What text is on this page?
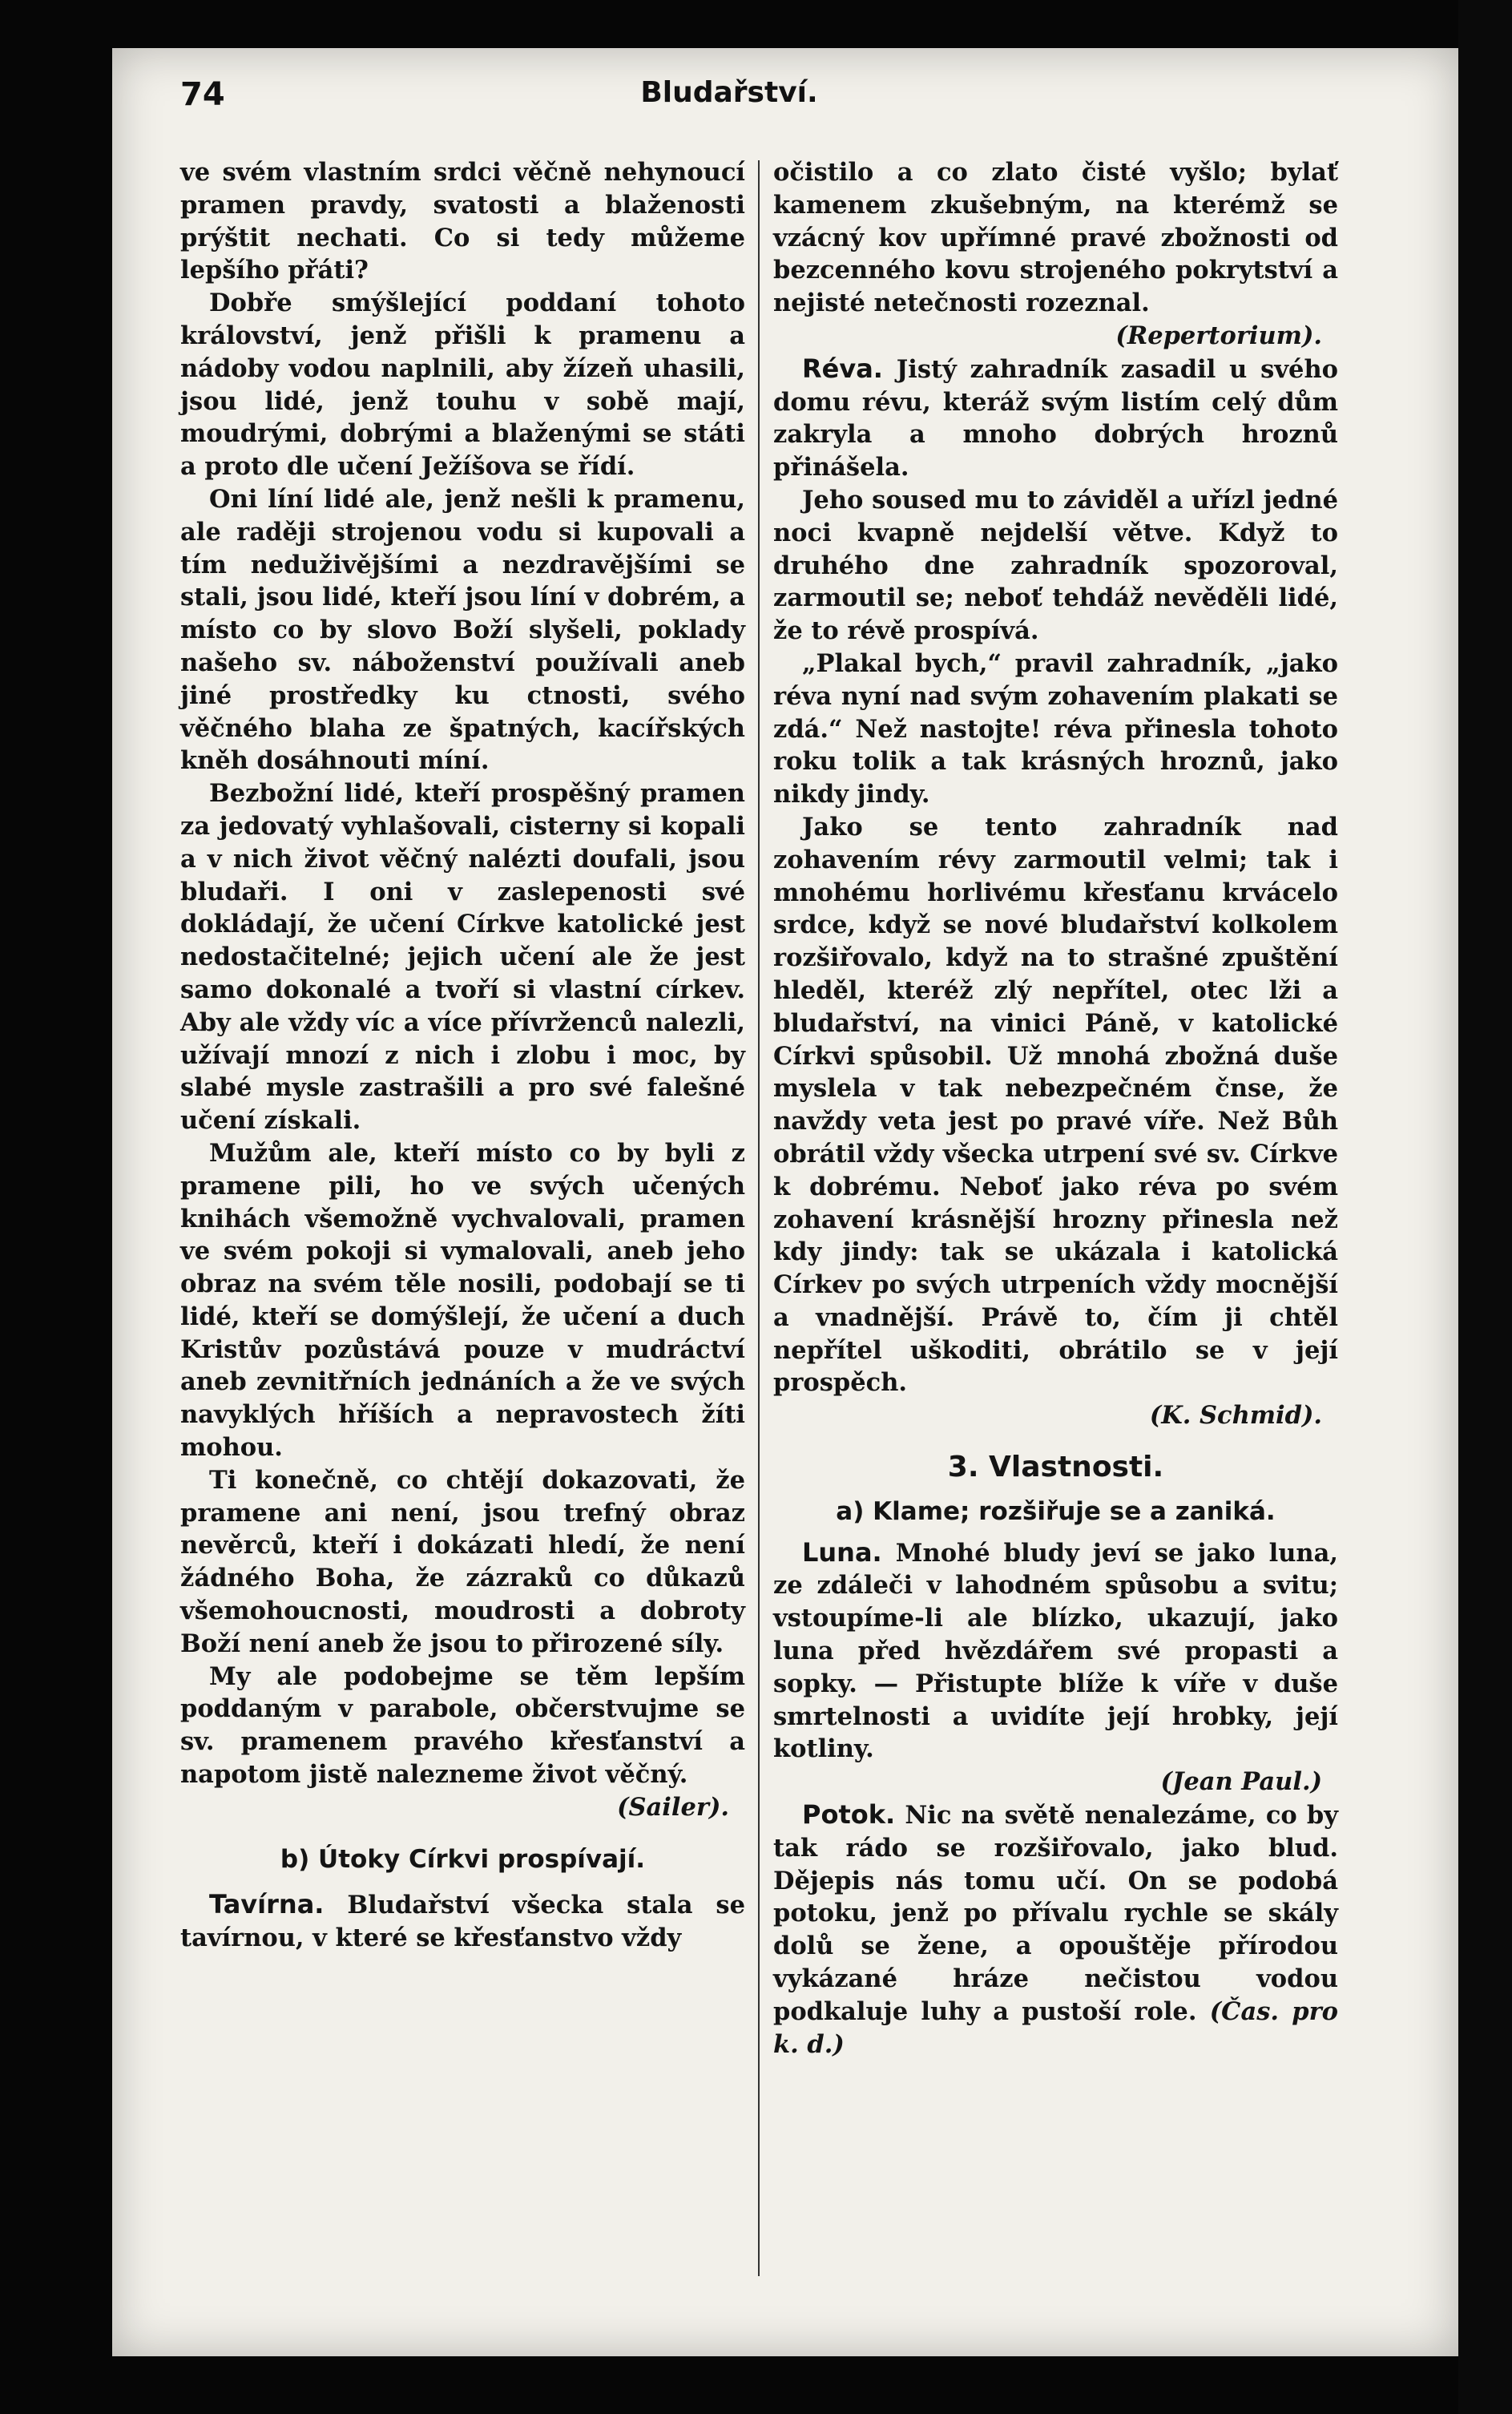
74	Bludařství.

ve svém vlastním srdci věčně nehynoucí pramen pravdy, svatosti a blaženosti prýštit nechati. Co si tedy můžeme lepšího přáti?

Dobře smýšlející poddaní tohoto království, jenž přišli k pramenu a nádoby vodou naplnili, aby žízeň uhasili, jsou lidé, jenž touhu v sobě mají, moudrými, dobrými a blaženými se státi a proto dle učení Ježíšova se řídí.

Oni líní lidé ale, jenž nešli k pramenu, ale raději strojenou vodu si kupovali a tím neduživějšími a nezdravějšími se stali, jsou lidé, kteří jsou líní v dobrém, a místo co by slovo Boží slyšeli, poklady našeho sv. náboženství používali aneb jiné prostředky ku ctnosti, svého věčného blaha ze špatných, kacířských kněh dosáhnouti míní.

Bezbožní lidé, kteří prospěšný pramen za jedovatý vyhlašovali, cisterny si kopali a v nich život věčný nalézti doufali, jsou bludaři. I oni v zaslepenosti své dokládají, že učení Církve katolické jest nedostačitelné; jejich učení ale že jest samo dokonalé a tvoří si vlastní církev. Aby ale vždy víc a více přívrženců nalezli, užívají mnozí z nich i zlobu i moc, by slabé mysle zastrašili a pro své falešné učení získali.

Mužům ale, kteří místo co by byli z pramene pili, ho ve svých učených knihách všemožně vychvalovali, pramen ve svém pokoji si vymalovali, aneb jeho obraz na svém těle nosili, podobají se ti lidé, kteří se domýšlejí, že učení a duch Kristův pozůstává pouze v mudráctví aneb zevnitřních jednáních a že ve svých navyklých hříších a nepravostech žíti mohou.

Ti konečně, co chtějí dokazovati, že pramene ani není, jsou trefný obraz nevěrců, kteří i dokázati hledí, že není žádného Boha, že zázraků co důkazů všemohoucnosti, moudrosti a dobroty Boží není aneb že jsou to přirozené síly.

My ale podobejme se těm lepším poddaným v parabole, občerstvujme se sv. pramenem pravého křesťanství a napotom jistě nalezneme život věčný.

(Sailer).
b) Útoky Církvi prospívají.

Tavírna. Bludařství všecka stala se tavírnou, v které se křesťanstvo vždy

očistilo a co zlato čisté vyšlo; bylať kamenem zkušebným, na kterémž se vzácný kov upřímné pravé zbožnosti od bezcenného kovu strojeného pokrytství a nejisté netečnosti rozeznal.

(Repertorium).

Réva. Jistý zahradník zasadil u svého domu révu, kteráž svým listím celý dům zakryla a mnoho dobrých hroznů přinášela.

Jeho soused mu to záviděl a uřízl jedné noci kvapně nejdelší větve. Když to druhého dne zahradník spozoroval, zarmoutil se; neboť tehdáž nevěděli lidé, že to révě prospívá.

„Plakal bych,“ pravil zahradník, „jako réva nyní nad svým zohavením plakati se zdá.“ Než nastojte! réva přinesla tohoto roku tolik a tak krásných hroznů, jako nikdy jindy.

Jako se tento zahradník nad zohavením révy zarmoutil velmi; tak i mnohému horlivému křesťanu krvácelo srdce, když se nové bludařství kolkolem rozšiřovalo, když na to strašné zpuštění hleděl, kteréž zlý nepřítel, otec lži a bludařství, na vinici Páně, v katolické Církvi spůsobil. Už mnohá zbožná duše myslela v tak nebezpečném čnse, že navždy veta jest po pravé víře. Než Bůh obrátil vždy všecka utrpení své sv. Církve k dobrému. Neboť jako réva po svém zohavení krásnější hrozny přinesla než kdy jindy: tak se ukázala i katolická Církev po svých utrpeních vždy mocnější a vnadnější. Právě to, čím ji chtěl nepřítel uškoditi, obrátilo se v její prospěch.

(K. Schmid).
3. Vlastnosti.
a) Klame; rozšiřuje se a zaniká.

Luna. Mnohé bludy jeví se jako luna, ze zdáleči v lahodném spůsobu a svitu; vstoupíme-li ale blízko, ukazují, jako luna před hvězdářem své propasti a sopky. — Přistupte blíže k víře v duše smrtelnosti a uvidíte její hrobky, její kotliny.

(Jean Paul.)

Potok. Nic na světě nenalezáme, co by tak rádo se rozšiřovalo, jako blud. Dějepis nás tomu učí. On se podobá potoku, jenž po přívalu rychle se skály dolů se žene, a opouštěje přírodou vykázané hráze nečistou vodou podkaluje luhy a pustoší role. (Čas. pro k. d.)
